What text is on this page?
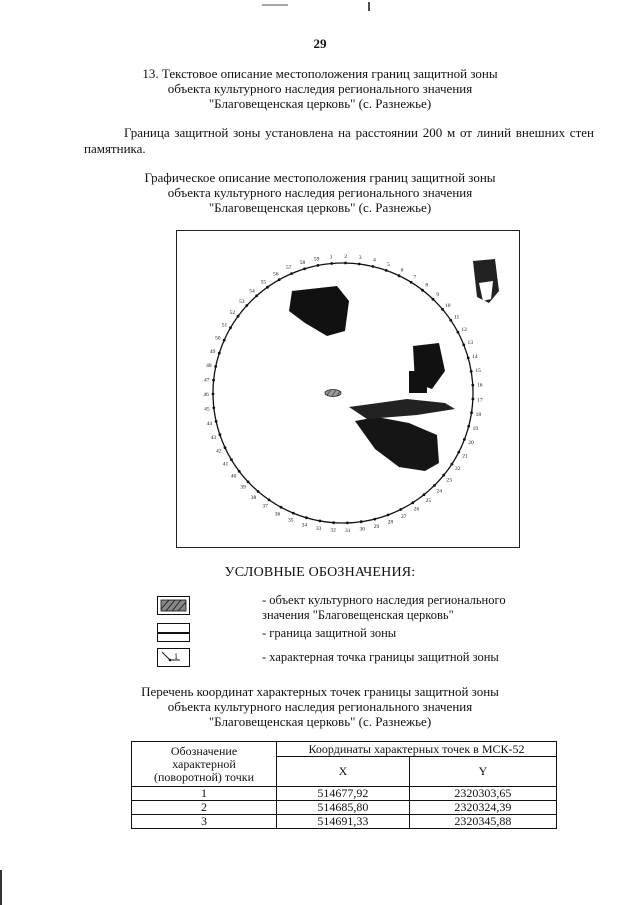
29
13. Текстовое описание местоположения границ защитной зоны
объекта культурного наследия регионального значения
"Благовещенская церковь" (с. Разнежье)
Граница защитной зоны установлена на расстоянии 200 м от линий внешних стен памятника.
Графическое описание местоположения границ защитной зоны
объекта культурного наследия регионального значения
"Благовещенская церковь" (с. Разнежье)
1 2 3 4
5
6
7
8
9
10
11
12
13
14
15
16
17
18
19
20
21
22
23
24
25
26
27
28
29
30
31
32
33
34
35
36
37
38
39
40
41
42
43
44
45
46
47
48
49
50
51
52
53
54
55
56
57
58
59
УСЛОВНЫЕ ОБОЗНАЧЕНИЯ:
- объект культурного наследия регионального
значения "Благовещенская церковь"
- граница защитной зоны
1	- характерная точка границы защитной зоны
Перечень координат характерных точек границы защитной зоны
объекта культурного наследия регионального значения
"Благовещенская церковь" (с. Разнежье)
Обозначение
характерной
(поворотной) точки	Координаты характерных точек в МСК-52	
	X	Y
1	514677,92	2320303,65
2	514685,80	2320324,39
3	514691,33	2320345,88
